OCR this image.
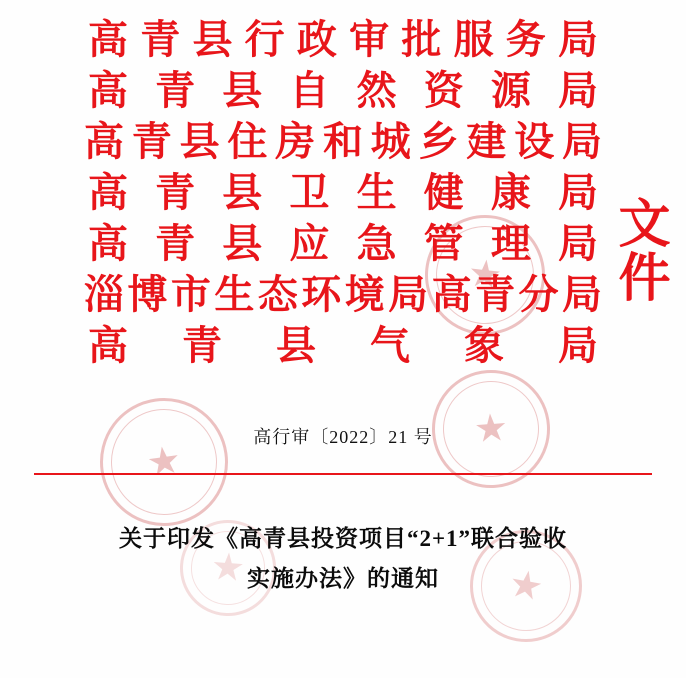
★
★
★
★
★
高青县行政审批服务局
高青县自然资源局
高青县住房和城乡建设局
高青县卫生健康局
高青县应急管理局
淄博市生态环境局高青分局
高青县气象局
文件
高行审〔2022〕21 号
关于印发《高青县投资项目“2+1”联合验收
实施办法》的通知
